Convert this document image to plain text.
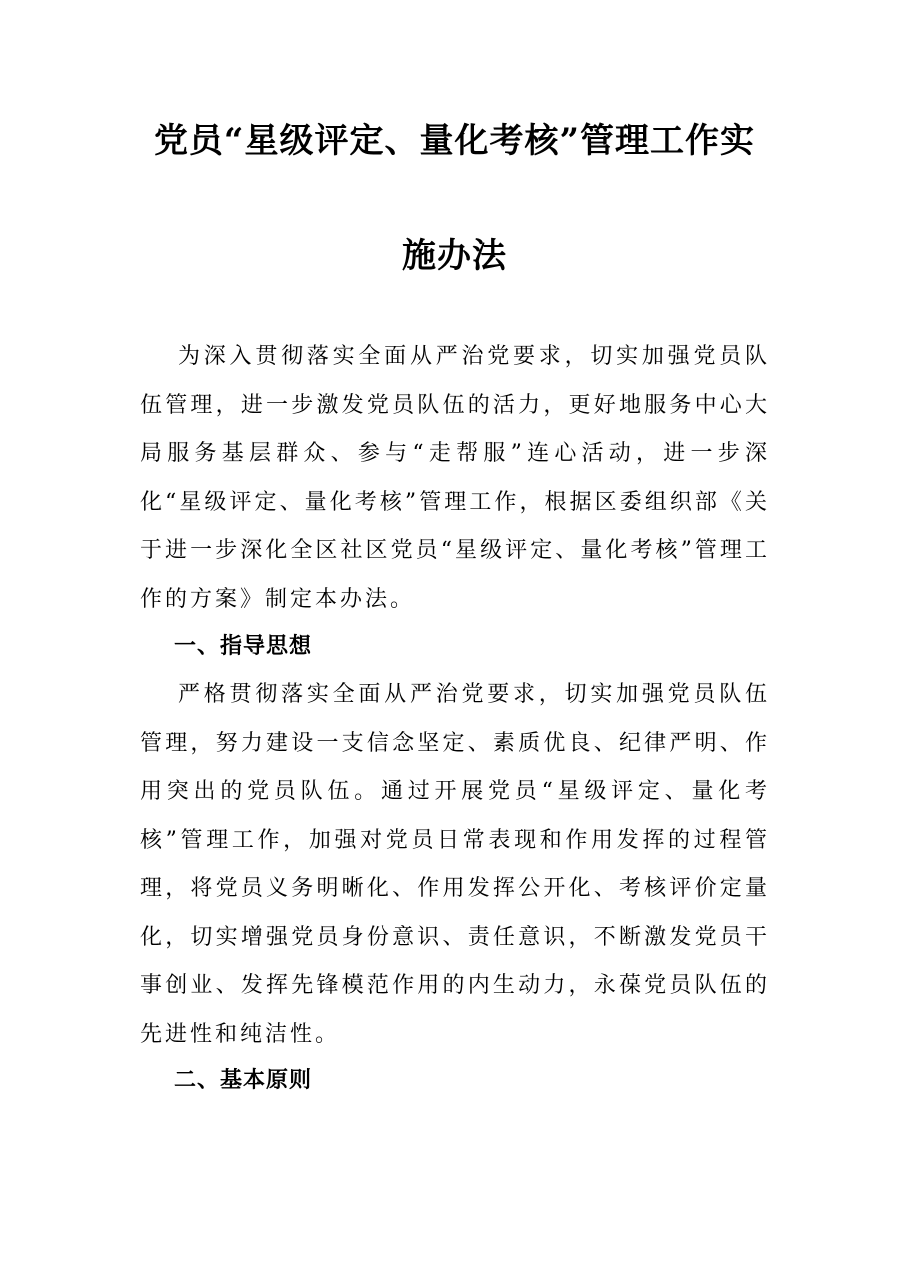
党员“星级评定、量化考核”管理工作实
施办法

为深入贯彻落实全面从严治党要求，切实加强党员队伍管理，进一步激发党员队伍的活力，更好地服务中心大局服务基层群众、参与“走帮服”连心活动，进一步深化“星级评定、量化考核”管理工作，根据区委组织部《关于进一步深化全区社区党员“星级评定、量化考核”管理工作的方案》制定本办法。

一、指导思想

严格贯彻落实全面从严治党要求，切实加强党员队伍管理，努力建设一支信念坚定、素质优良、纪律严明、作用突出的党员队伍。通过开展党员“星级评定、量化考核”管理工作，加强对党员日常表现和作用发挥的过程管理，将党员义务明晰化、作用发挥公开化、考核评价定量化，切实增强党员身份意识、责任意识，不断激发党员干事创业、发挥先锋模范作用的内生动力，永葆党员队伍的先进性和纯洁性。

二、基本原则
